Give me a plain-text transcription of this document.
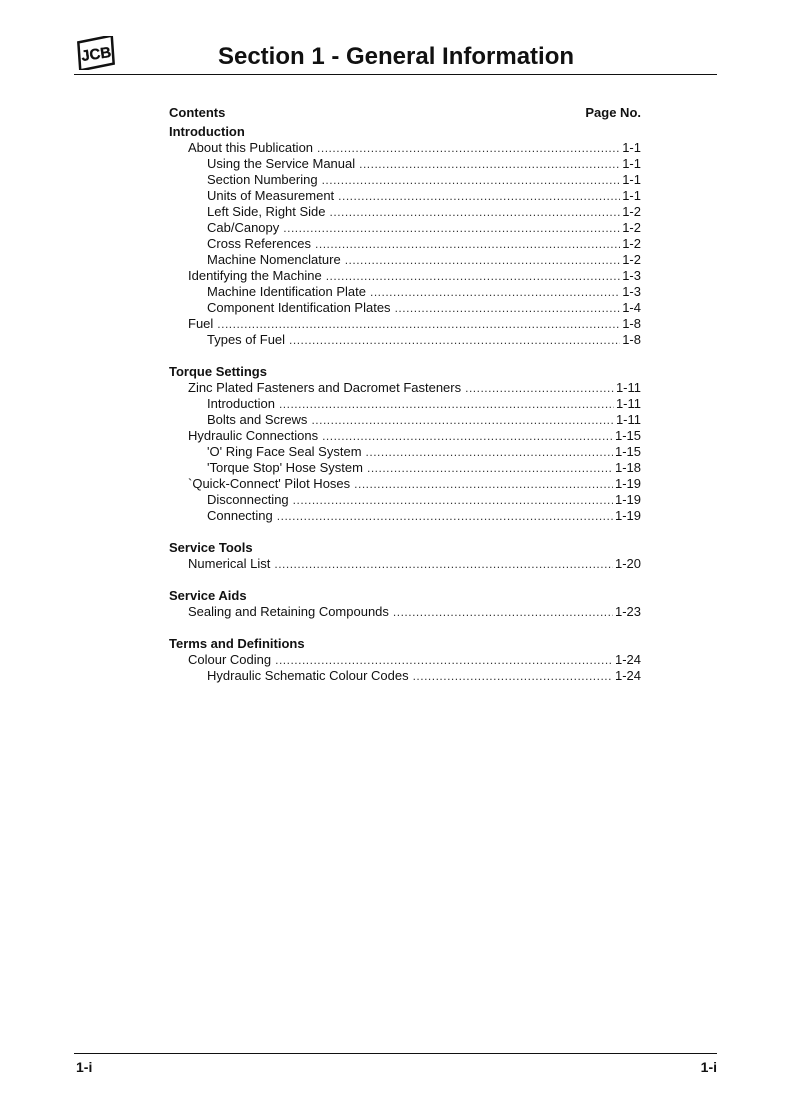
JCB	Section 1 - General Information
Contents	Page No.
Introduction
About this Publication .....	1-1
Using the Service Manual .....	1-1
Section Numbering .....	1-1
Units of Measurement .....	1-1
Left Side, Right Side .....	1-2
Cab/Canopy .....	1-2
Cross References .....	1-2
Machine Nomenclature .....	1-2
Identifying the Machine .....	1-3
Machine Identification Plate .....	1-3
Component Identification Plates .....	1-4
Fuel .....	1-8
Types of Fuel .....	1-8
Torque Settings
Zinc Plated Fasteners and Dacromet Fasteners .....	1-11
Introduction .....	1-11
Bolts and Screws .....	1-11
Hydraulic Connections .....	1-15
'O' Ring Face Seal System .....	1-15
'Torque Stop' Hose System .....	1-18
`Quick-Connect' Pilot Hoses .....	1-19
Disconnecting .....	1-19
Connecting .....	1-19
Service Tools
Numerical List .....	1-20
Service Aids
Sealing and Retaining Compounds .....	1-23
Terms and Definitions
Colour Coding .....	1-24
Hydraulic Schematic Colour Codes .....	1-24
1-i	1-i
